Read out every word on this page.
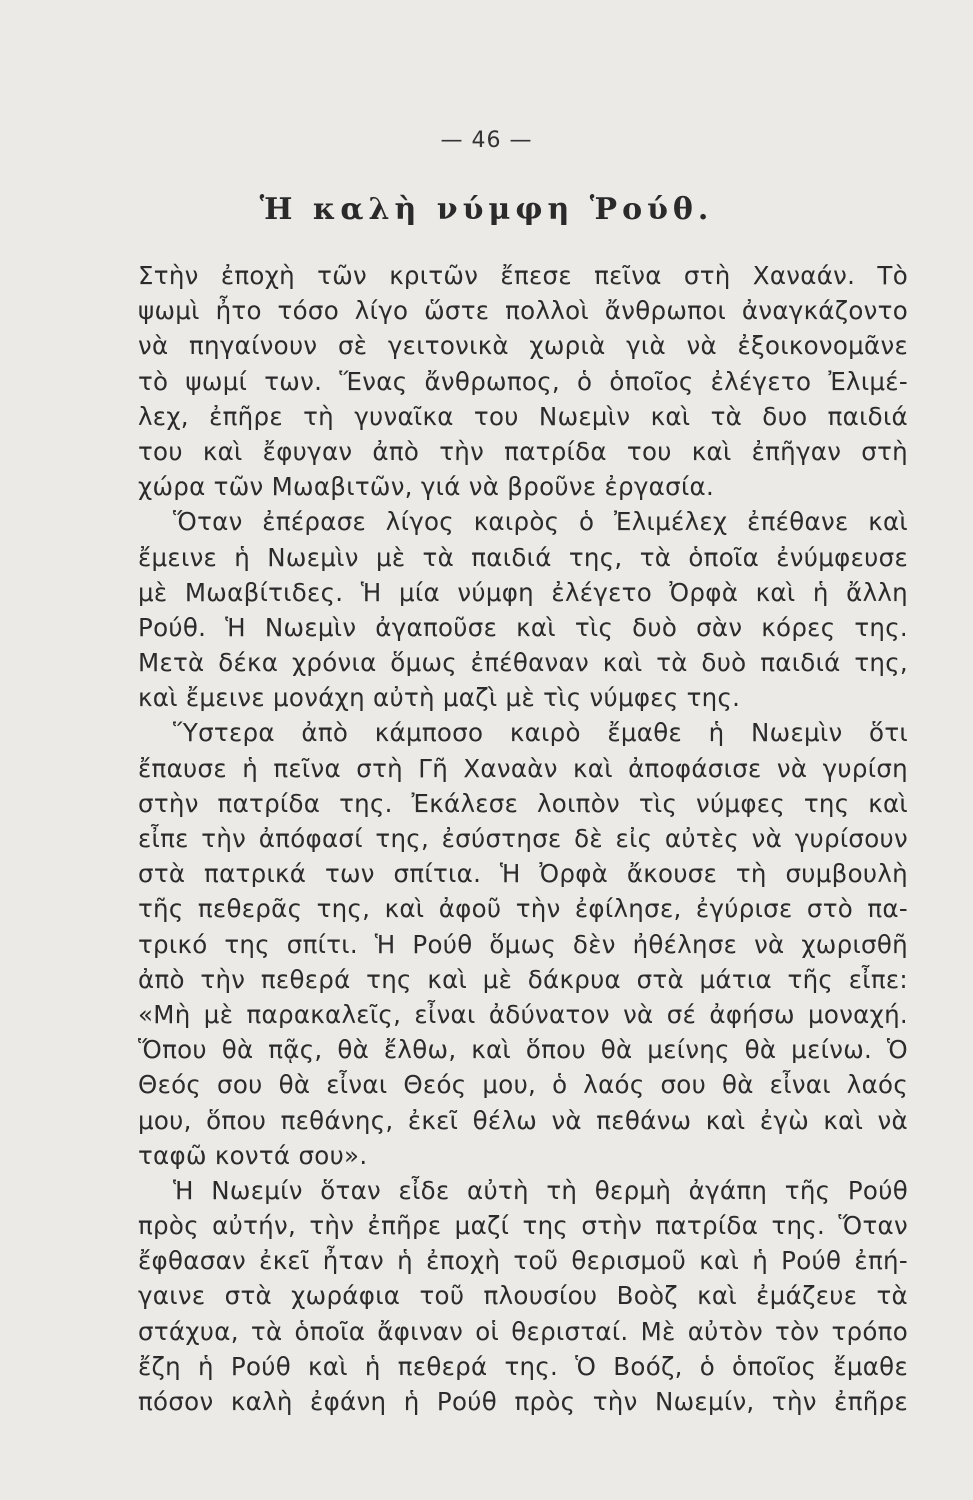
— 46 —
Ἡ καλὴ νύμφη Ῥούθ.
Στὴν ἐποχὴ τῶν κριτῶν ἔπεσε πεῖνα στὴ Χαναάν. Τὸ
ψωμὶ ἦτο τόσο λίγο ὥστε πολλοὶ ἄνθρωποι ἀναγκάζοντο
νὰ πηγαίνουν σὲ γειτονικὰ χωριὰ γιὰ νὰ ἐξοικονομᾶνε
τὸ ψωμί των. Ἕνας ἄνθρωπος, ὁ ὁποῖος ἐλέγετο Ἐλιμέ-
λεχ, ἐπῆρε τὴ γυναῖκα του Νωεμὶν καὶ τὰ δυο παιδιά
του καὶ ἔφυγαν ἀπὸ τὴν πατρίδα του καὶ ἐπῆγαν στὴ
χώρα τῶν Μωαβιτῶν, γιά νὰ βροῦνε ἐργασία.
Ὅταν ἐπέρασε λίγος καιρὸς ὁ Ἐλιμέλεχ ἐπέθανε καὶ
ἔμεινε ἡ Νωεμὶν μὲ τὰ παιδιά της, τὰ ὁποῖα ἐνύμφευσε
μὲ Μωαβίτιδες. Ἡ μία νύμφη ἐλέγετο Ὀρφὰ καὶ ἡ ἄλλη
Ρούθ. Ἡ Νωεμὶν ἀγαποῦσε καὶ τὶς δυὸ σὰν κόρες της.
Μετὰ δέκα χρόνια ὅμως ἐπέθαναν καὶ τὰ δυὸ παιδιά της,
καὶ ἔμεινε μονάχη αὐτὴ μαζὶ μὲ τὶς νύμφες της.
Ὕστερα ἀπὸ κάμποσο καιρὸ ἔμαθε ἡ Νωεμὶν ὅτι
ἔπαυσε ἡ πεῖνα στὴ Γῆ Χαναὰν καὶ ἀποφάσισε νὰ γυρίση
στὴν πατρίδα της. Ἐκάλεσε λοιπὸν τὶς νύμφες της καὶ
εἶπε τὴν ἀπόφασί της, ἐσύστησε δὲ εἰς αὐτὲς νὰ γυρίσουν
στὰ πατρικά των σπίτια. Ἡ Ὀρφὰ ἄκουσε τὴ συμβουλὴ
τῆς πεθερᾶς της, καὶ ἀφοῦ τὴν ἐφίλησε, ἐγύρισε στὸ πα-
τρικό της σπίτι. Ἡ Ρούθ ὅμως δὲν ἠθέλησε νὰ χωρισθῆ
ἀπὸ τὴν πεθερά της καὶ μὲ δάκρυα στὰ μάτια τῆς εἶπε:
«Μὴ μὲ παρακαλεῖς, εἶναι ἀδύνατον νὰ σέ ἀφήσω μοναχή.
Ὅπου θὰ πᾷς, θὰ ἔλθω, καὶ ὅπου θὰ μείνης θὰ μείνω. Ὁ
Θεός σου θὰ εἶναι Θεός μου, ὁ λαός σου θὰ εἶναι λαός
μου, ὅπου πεθάνης, ἐκεῖ θέλω νὰ πεθάνω καὶ ἐγὼ καὶ νὰ
ταφῶ κοντά σου».
Ἡ Νωεμίν ὅταν εἶδε αὐτὴ τὴ θερμὴ ἀγάπη τῆς Ρούθ
πρὸς αὐτήν, τὴν ἐπῆρε μαζί της στὴν πατρίδα της. Ὅταν
ἔφθασαν ἐκεῖ ἦταν ἡ ἐποχὴ τοῦ θερισμοῦ καὶ ἡ Ρούθ ἐπή-
γαινε στὰ χωράφια τοῦ πλουσίου Βοὸζ καὶ ἐμάζευε τὰ
στάχυα, τὰ ὁποῖα ἄφιναν οἱ θερισταί. Μὲ αὐτὸν τὸν τρόπο
ἔζη ἡ Ρούθ καὶ ἡ πεθερά της. Ὁ Βοόζ, ὁ ὁποῖος ἔμαθε
πόσον καλὴ ἐφάνη ἡ Ρούθ πρὸς τὴν Νωεμίν, τὴν ἐπῆρε
